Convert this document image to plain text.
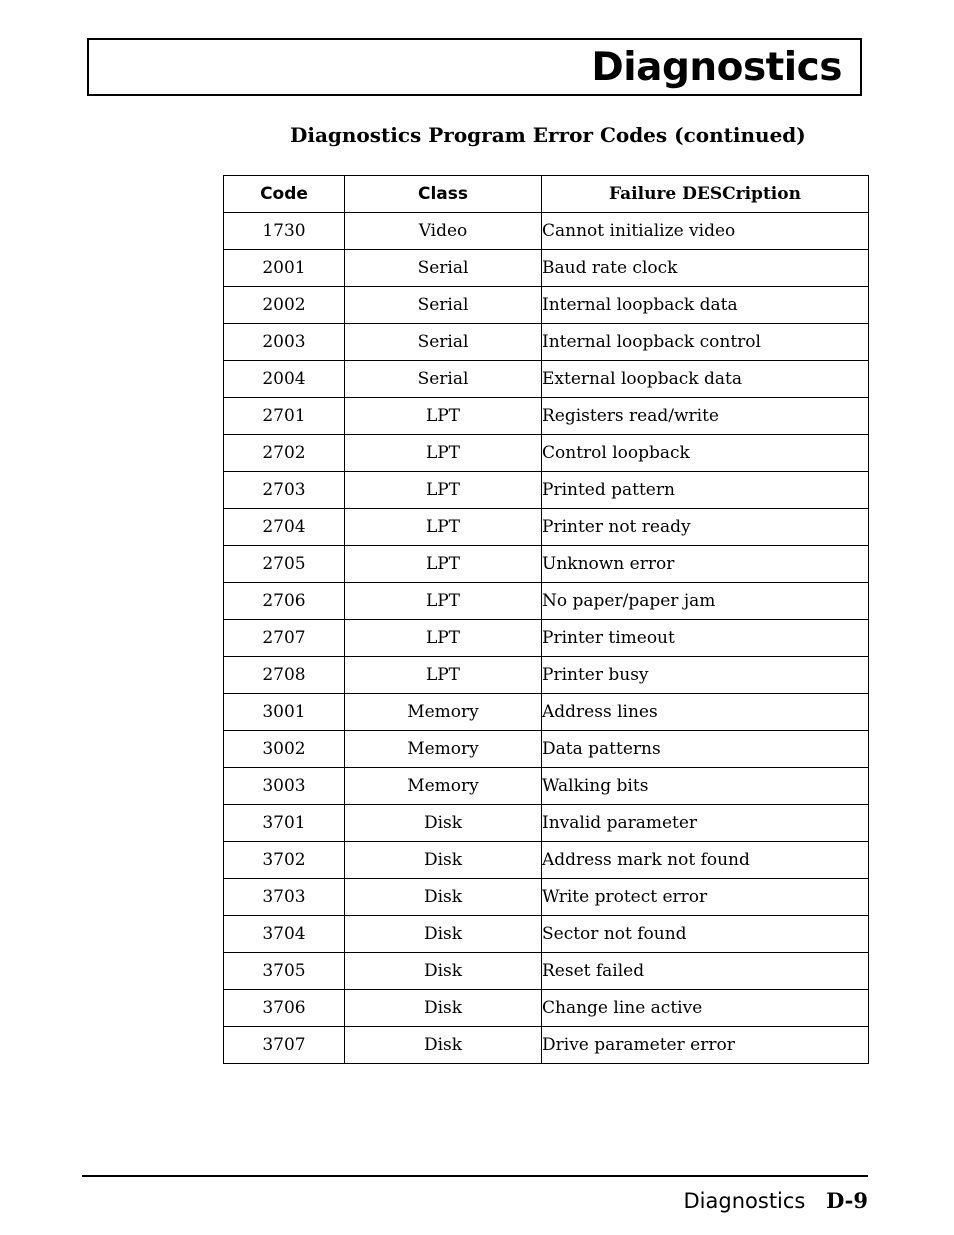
Diagnostics
Diagnostics Program Error Codes (continued)
Code	Class	Failure DESCription
1730	Video	Cannot initialize video
2001	Serial	Baud rate clock
2002	Serial	Internal loopback data
2003	Serial	Internal loopback control
2004	Serial	External loopback data
2701	LPT	Registers read/write
2702	LPT	Control loopback
2703	LPT	Printed pattern
2704	LPT	Printer not ready
2705	LPT	Unknown error
2706	LPT	No paper/paper jam
2707	LPT	Printer timeout
2708	LPT	Printer busy
3001	Memory	Address lines
3002	Memory	Data patterns
3003	Memory	Walking bits
3701	Disk	Invalid parameter
3702	Disk	Address mark not found
3703	Disk	Write protect error
3704	Disk	Sector not found
3705	Disk	Reset failed
3706	Disk	Change line active
3707	Disk	Drive parameter error
Diagnostics D-9
